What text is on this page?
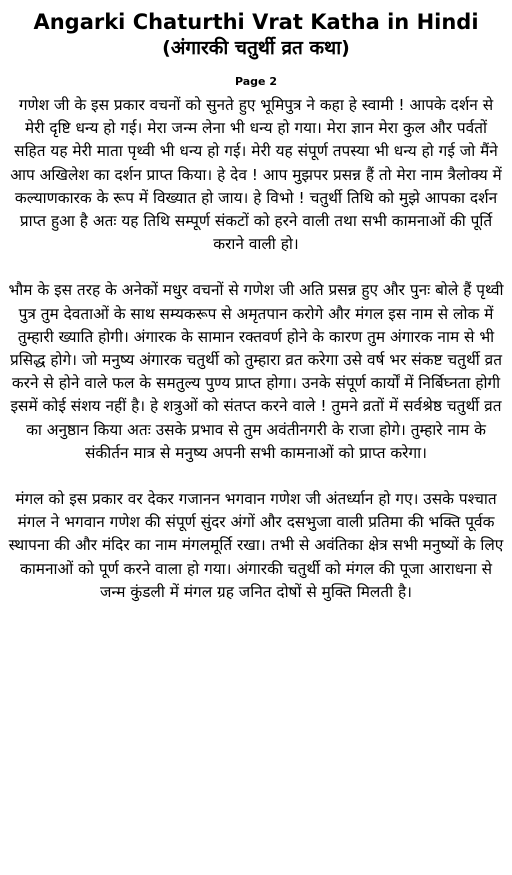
Angarki Chaturthi Vrat Katha in Hindi
(अंगारकी चतुर्थी व्रत कथा)
Page 2

गणेश जी के इस प्रकार वचनों को सुनते हुए भूमिपुत्र ने कहा हे स्वामी ! आपके दर्शन से मेरी दृष्टि धन्य हो गई। मेरा जन्म लेना भी धन्य हो गया। मेरा ज्ञान मेरा कुल और पर्वतों सहित यह मेरी माता पृथ्वी भी धन्य हो गई। मेरी यह संपूर्ण तपस्या भी धन्य हो गई जो मैंने आप अखिलेश का दर्शन प्राप्त किया। हे देव ! आप मुझपर प्रसन्न हैं तो मेरा नाम त्रैलोक्य में कल्याणकारक के रूप में विख्यात हो जाय। हे विभो ! चतुर्थी तिथि को मुझे आपका दर्शन प्राप्त हुआ है अतः यह तिथि सम्पूर्ण संकटों को हरने वाली तथा सभी कामनाओं की पूर्ति कराने वाली हो।

भौम के इस तरह के अनेकों मधुर वचनों से गणेश जी अति प्रसन्न हुए और पुनः बोले हैं पृथ्वी पुत्र तुम देवताओं के साथ सम्यकरूप से अमृतपान करोगे और मंगल इस नाम से लोक में तुम्हारी ख्याति होगी। अंगारक के सामान रक्तवर्ण होने के कारण तुम अंगारक नाम से भी प्रसिद्ध होगे। जो मनुष्य अंगारक चतुर्थी को तुम्हारा व्रत करेगा उसे वर्ष भर संकष्ट चतुर्थी व्रत करने से होने वाले फल के समतुल्य पुण्य प्राप्त होगा। उनके संपूर्ण कार्यों में निर्बिघ्नता होगी इसमें कोई संशय नहीं है। हे शत्रुओं को संतप्त करने वाले ! तुमने व्रतों में सर्वश्रेष्ठ चतुर्थी व्रत का अनुष्ठान किया अतः उसके प्रभाव से तुम अवंतीनगरी के राजा होगे। तुम्हारे नाम के संकीर्तन मात्र से मनुष्य अपनी सभी कामनाओं को प्राप्त करेगा।

मंगल को इस प्रकार वर देकर गजानन भगवान गणेश जी अंतर्ध्यान हो गए। उसके पश्चात मंगल ने भगवान गणेश की संपूर्ण सुंदर अंगों और दसभुजा वाली प्रतिमा की भक्ति पूर्वक स्थापना की और मंदिर का नाम मंगलमूर्ति रखा। तभी से अवंतिका क्षेत्र सभी मनुष्यों के लिए कामनाओं को पूर्ण करने वाला हो गया। अंगारकी चतुर्थी को मंगल की पूजा आराधना से जन्म कुंडली में मंगल ग्रह जनित दोषों से मुक्ति मिलती है।
